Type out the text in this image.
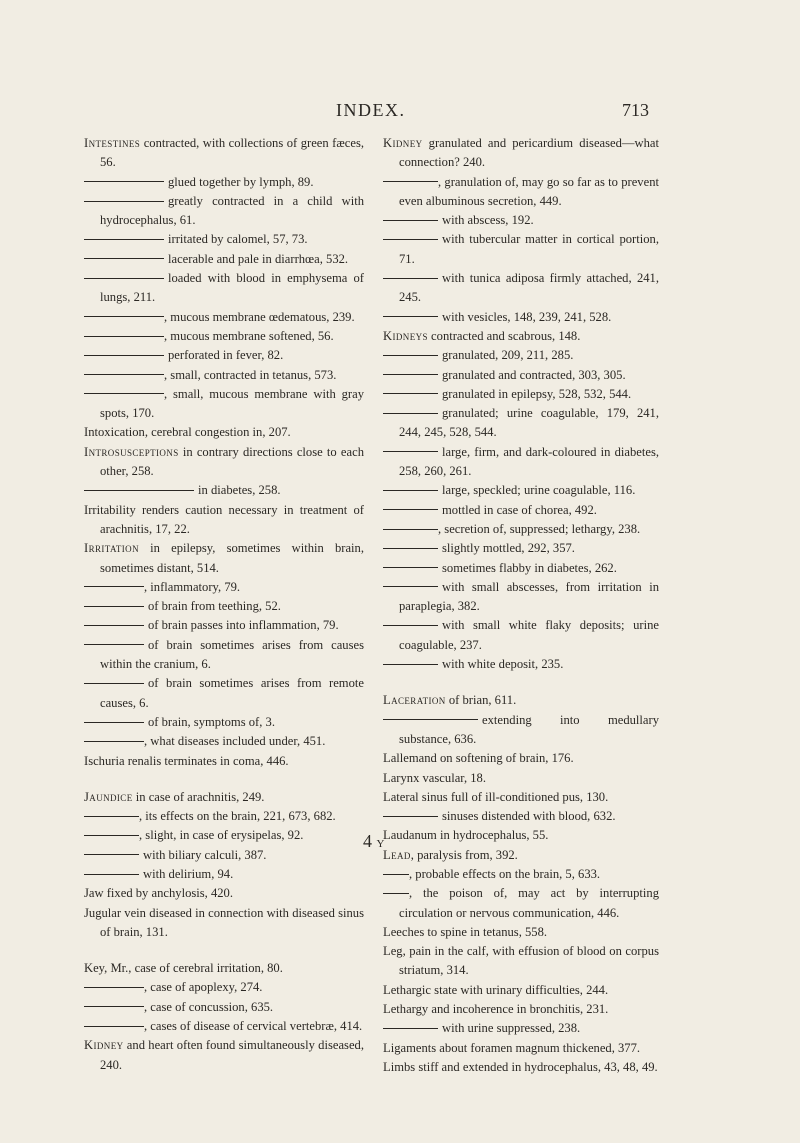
INDEX.	713
Intestines contracted, with collections of green fæces, 56.
glued together by lymph, 89.
greatly contracted in a child with hydrocephalus, 61.
irritated by calomel, 57, 73.
lacerable and pale in diarrhœa, 532.
loaded with blood in emphysema of lungs, 211.
, mucous membrane œdematous, 239.
, mucous membrane softened, 56.
perforated in fever, 82.
, small, contracted in tetanus, 573.
, small, mucous membrane with gray spots, 170.
Intoxication, cerebral congestion in, 207.
Introsusceptions in contrary directions close to each other, 258.
in diabetes, 258.
Irritability renders caution necessary in treatment of arachnitis, 17, 22.
Irritation in epilepsy, sometimes within brain, sometimes distant, 514.
, inflammatory, 79.
of brain from teething, 52.
of brain passes into inflammation, 79.
of brain sometimes arises from causes within the cranium, 6.
of brain sometimes arises from remote causes, 6.
of brain, symptoms of, 3.
, what diseases included under, 451.
Ischuria renalis terminates in coma, 446.
Jaundice in case of arachnitis, 249.
, its effects on the brain, 221, 673, 682.
, slight, in case of erysipelas, 92.
with biliary calculi, 387.
with delirium, 94.
Jaw fixed by anchylosis, 420.
Jugular vein diseased in connection with diseased sinus of brain, 131.
Key, Mr., case of cerebral irritation, 80.
, case of apoplexy, 274.
, case of concussion, 635.
, cases of disease of cervical vertebræ, 414.
Kidney and heart often found simultaneously diseased, 240.
Kidney granulated and pericardium diseased—what connection? 240.
, granulation of, may go so far as to prevent even albuminous secretion, 449.
with abscess, 192.
with tubercular matter in cortical portion, 71.
with tunica adiposa firmly attached, 241, 245.
with vesicles, 148, 239, 241, 528.
Kidneys contracted and scabrous, 148.
granulated, 209, 211, 285.
granulated and contracted, 303, 305.
granulated in epilepsy, 528, 532, 544.
granulated; urine coagulable, 179, 241, 244, 245, 528, 544.
large, firm, and dark-coloured in diabetes, 258, 260, 261.
large, speckled; urine coagulable, 116.
mottled in case of chorea, 492.
, secretion of, suppressed; lethargy, 238.
slightly mottled, 292, 357.
sometimes flabby in diabetes, 262.
with small abscesses, from irritation in paraplegia, 382.
with small white flaky deposits; urine coagulable, 237.
with white deposit, 235.
Laceration of brian, 611.
extending into medullary substance, 636.
Lallemand on softening of brain, 176.
Larynx vascular, 18.
Lateral sinus full of ill-conditioned pus, 130.
sinuses distended with blood, 632.
Laudanum in hydrocephalus, 55.
Lead, paralysis from, 392.
, probable effects on the brain, 5, 633.
, the poison of, may act by interrupting circulation or nervous communication, 446.
Leeches to spine in tetanus, 558.
Leg, pain in the calf, with effusion of blood on corpus striatum, 314.
Lethargic state with urinary difficulties, 244.
Lethargy and incoherence in bronchitis, 231.
with urine suppressed, 238.
Ligaments about foramen magnum thickened, 377.
Limbs stiff and extended in hydrocephalus, 43, 48, 49.
4 Y
